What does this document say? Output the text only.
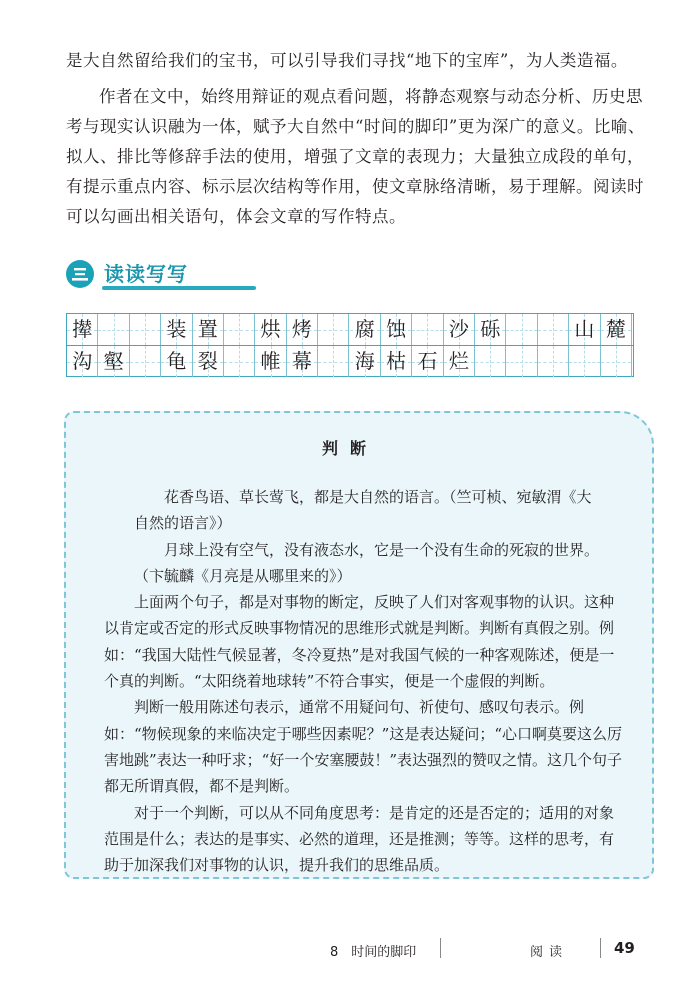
是大自然留给我们的宝书，可以引导我们寻找“地下的宝库”，为人类造福。

作者在文中，始终用辩证的观点看问题，将静态观察与动态分析、历史思考与现实认识融为一体，赋予大自然中“时间的脚印”更为深广的意义。比喻、拟人、排比等修辞手法的使用，增强了文章的表现力；大量独立成段的单句，有提示重点内容、标示层次结构等作用，使文章脉络清晰，易于理解。阅读时可以勾画出相关语句，体会文章的写作特点。

读读写写
撵	装 置	烘 烤	腐 蚀	沙 砾	山 麓
沟 壑	龟 裂	帷 幕	海 枯 石 烂
判断

花香鸟语、草长莺飞，都是大自然的语言。（竺可桢、宛敏渭《大自然的语言》）

月球上没有空气，没有液态水，它是一个没有生命的死寂的世界。（卞毓麟《月亮是从哪里来的》）

上面两个句子，都是对事物的断定，反映了人们对客观事物的认识。这种以肯定或否定的形式反映事物情况的思维形式就是判断。判断有真假之别。例如：“我国大陆性气候显著，冬冷夏热”是对我国气候的一种客观陈述，便是一个真的判断。“太阳绕着地球转”不符合事实，便是一个虚假的判断。

判断一般用陈述句表示，通常不用疑问句、祈使句、感叹句表示。例如：“物候现象的来临决定于哪些因素呢？”这是表达疑问；“心口啊莫要这么厉害地跳”表达一种吁求；“好一个安塞腰鼓！”表达强烈的赞叹之情。这几个句子都无所谓真假，都不是判断。

对于一个判断，可以从不同角度思考：是肯定的还是否定的；适用的对象范围是什么；表达的是事实、必然的道理，还是推测；等等。这样的思考，有助于加深我们对事物的认识，提升我们的思维品质。

8　时间的脚印	阅读	49
